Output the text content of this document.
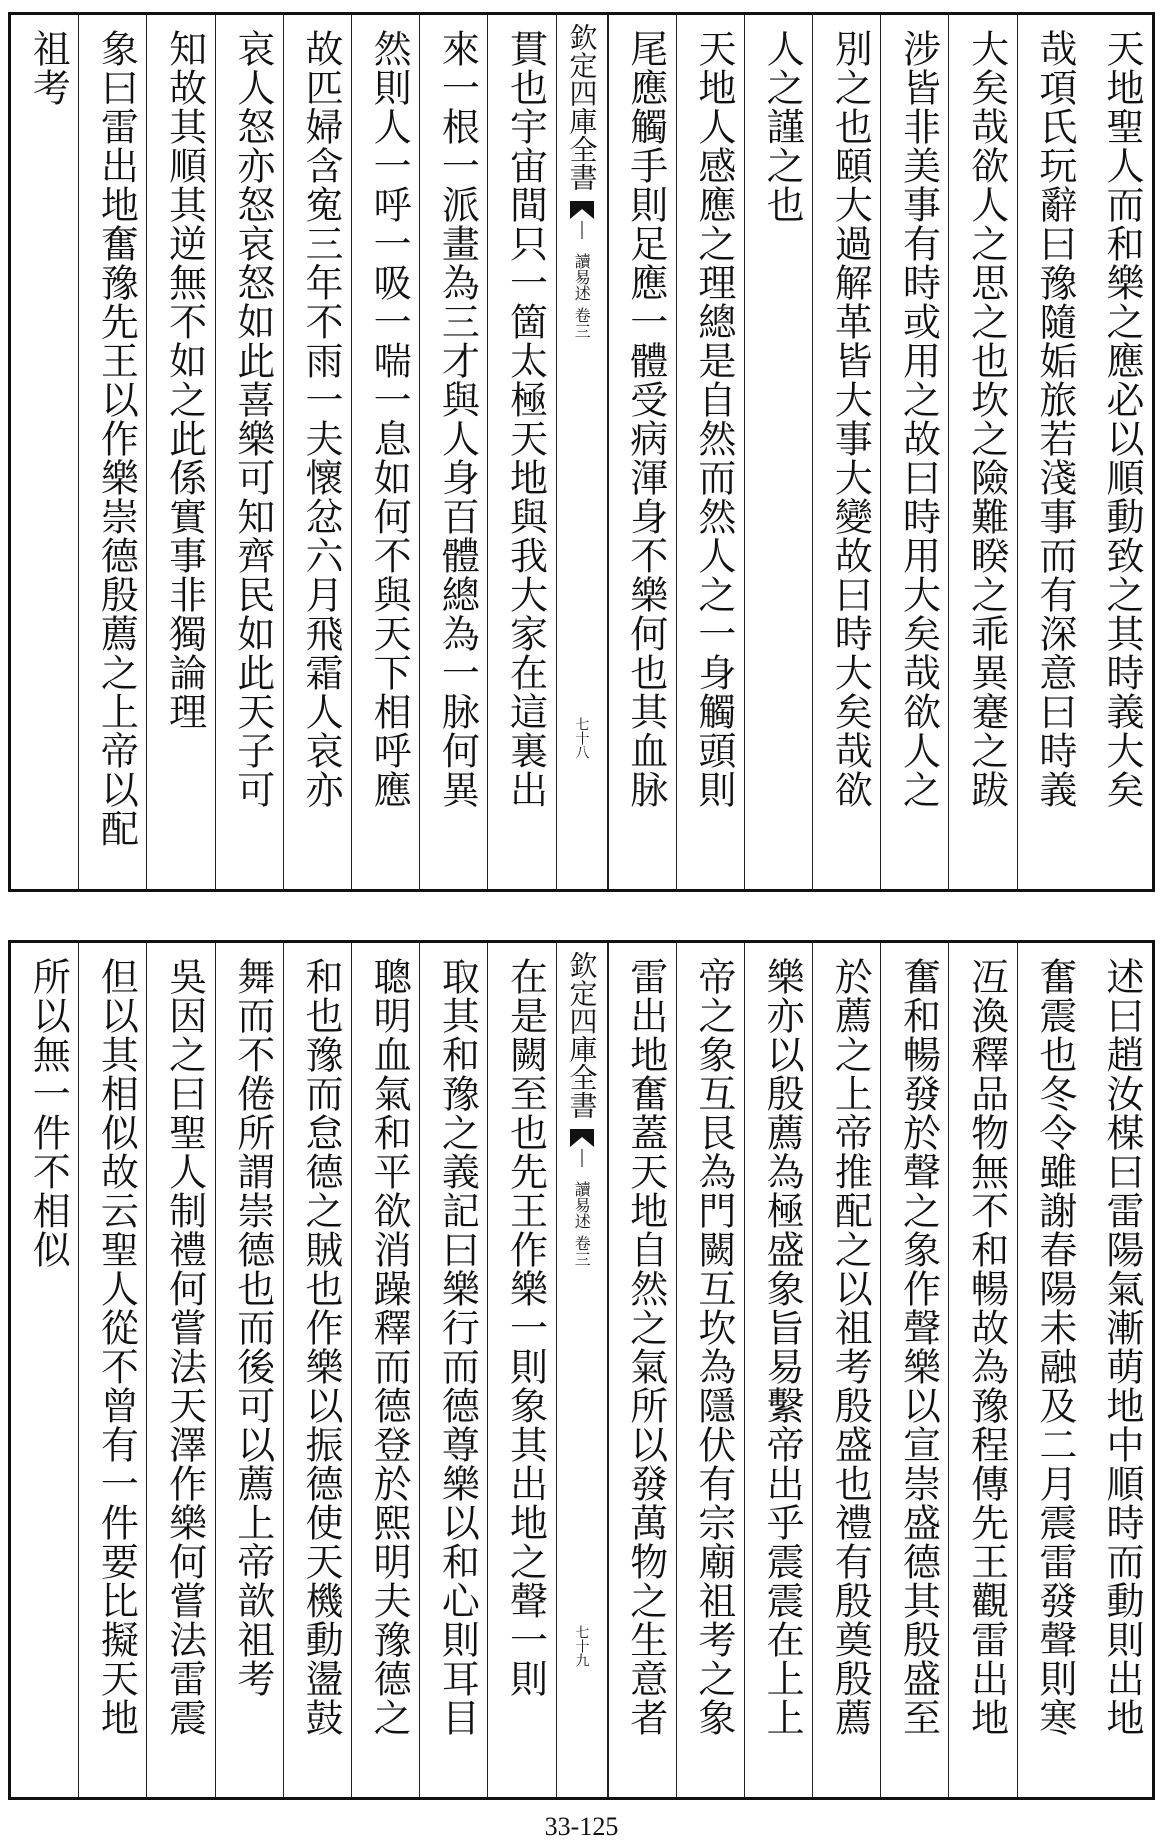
天地聖人而和樂之應必以順動致之其時義大矣
哉項氏玩辭曰豫隨姤旅若淺事而有深意曰時義
大矣哉欲人之思之也坎之險難睽之乖異蹇之跋
涉皆非美事有時或用之故曰時用大矣哉欲人之
別之也頤大過解革皆大事大變故曰時大矣哉欲
人之謹之也
天地人感應之理總是自然而然人之一身觸頭則
尾應觸手則足應一體受病渾身不樂何也其血脉
欽定四庫全書
讀易述
卷三
七十八
貫也宇宙間只一箇太極天地與我大家在這裏出
來一根一派畫為三才與人身百體總為一脉何異
然則人一呼一吸一喘一息如何不與天下相呼應
故匹婦含寃三年不雨一夫懷忿六月飛霜人哀亦
哀人怒亦怒哀怒如此喜樂可知齊民如此天子可
知故其順其逆無不如之此係實事非獨論理
象曰雷出地奮豫先王以作樂崇德殷薦之上帝以配
祖考
述曰趙汝楳曰雷陽氣漸萌地中順時而動則出地
奮震也冬令雖謝春陽未融及二月震雷發聲則寒
冱渙釋品物無不和暢故為豫程傳先王觀雷出地
奮和暢發於聲之象作聲樂以宣崇盛德其殷盛至
於薦之上帝推配之以祖考殷盛也禮有殷奠殷薦
樂亦以殷薦為極盛象旨易繫帝出乎震震在上上
帝之象互艮為門闕互坎為隱伏有宗廟祖考之象
雷出地奮蓋天地自然之氣所以發萬物之生意者
欽定四庫全書
讀易述
卷三
七十九
在是闕至也先王作樂一則象其出地之聲一則
取其和豫之義記曰樂行而德尊樂以和心則耳目
聰明血氣和平欲消躁釋而德登於熙明夫豫德之
和也豫而怠德之賊也作樂以振德使天機動盪鼓
舞而不倦所謂崇德也而後可以薦上帝歆祖考
吳因之曰聖人制禮何嘗法天澤作樂何嘗法雷震
但以其相似故云聖人從不曾有一件要比擬天地
所以無一件不相似
33-125
